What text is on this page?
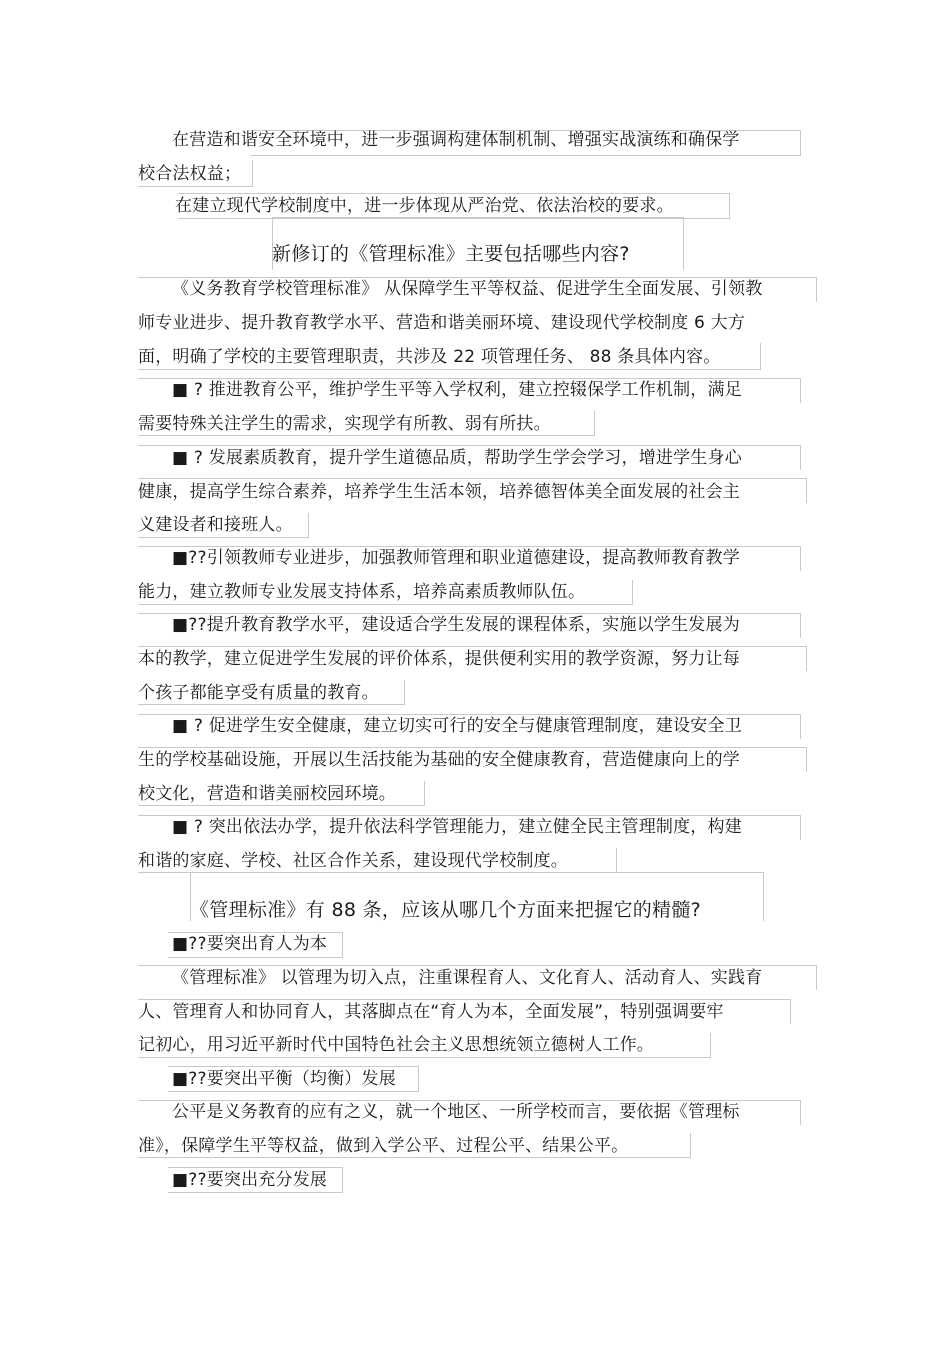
在营造和谐安全环境中，进一步强调构建体制机制、增强实战演练和确保学
校合法权益；
在建立现代学校制度中，进一步体现从严治党、依法治校的要求。
新修订的《管理标准》主要包括哪些内容?
《义务教育学校管理标准》 从保障学生平等权益、促进学生全面发展、引领教
师专业进步、提升教育教学水平、营造和谐美丽环境、建设现代学校制度 6 大方
面，明确了学校的主要管理职责，共涉及 22 项管理任务、 88 条具体内容。
■ ? 推进教育公平，维护学生平等入学权利，建立控辍保学工作机制，满足
需要特殊关注学生的需求，实现学有所教、弱有所扶。
■ ? 发展素质教育，提升学生道德品质，帮助学生学会学习，增进学生身心
健康，提高学生综合素养，培养学生生活本领，培养德智体美全面发展的社会主
义建设者和接班人。
■??引领教师专业进步，加强教师管理和职业道德建设，提高教师教育教学
能力，建立教师专业发展支持体系，培养高素质教师队伍。
■??提升教育教学水平，建设适合学生发展的课程体系，实施以学生发展为
本的教学，建立促进学生发展的评价体系，提供便利实用的教学资源，努力让每
个孩子都能享受有质量的教育。
■ ? 促进学生安全健康，建立切实可行的安全与健康管理制度，建设安全卫
生的学校基础设施，开展以生活技能为基础的安全健康教育，营造健康向上的学
校文化，营造和谐美丽校园环境。
■ ? 突出依法办学，提升依法科学管理能力，建立健全民主管理制度，构建
和谐的家庭、学校、社区合作关系，建设现代学校制度。
《管理标准》有 88 条，应该从哪几个方面来把握它的精髓?
■??要突出育人为本
《管理标准》 以管理为切入点，注重课程育人、文化育人、活动育人、实践育
人、管理育人和协同育人，其落脚点在“育人为本，全面发展”，特别强调要牢
记初心，用习近平新时代中国特色社会主义思想统领立德树人工作。
■??要突出平衡（均衡）发展
公平是义务教育的应有之义，就一个地区、一所学校而言，要依据《管理标
准》，保障学生平等权益，做到入学公平、过程公平、结果公平。
■??要突出充分发展
